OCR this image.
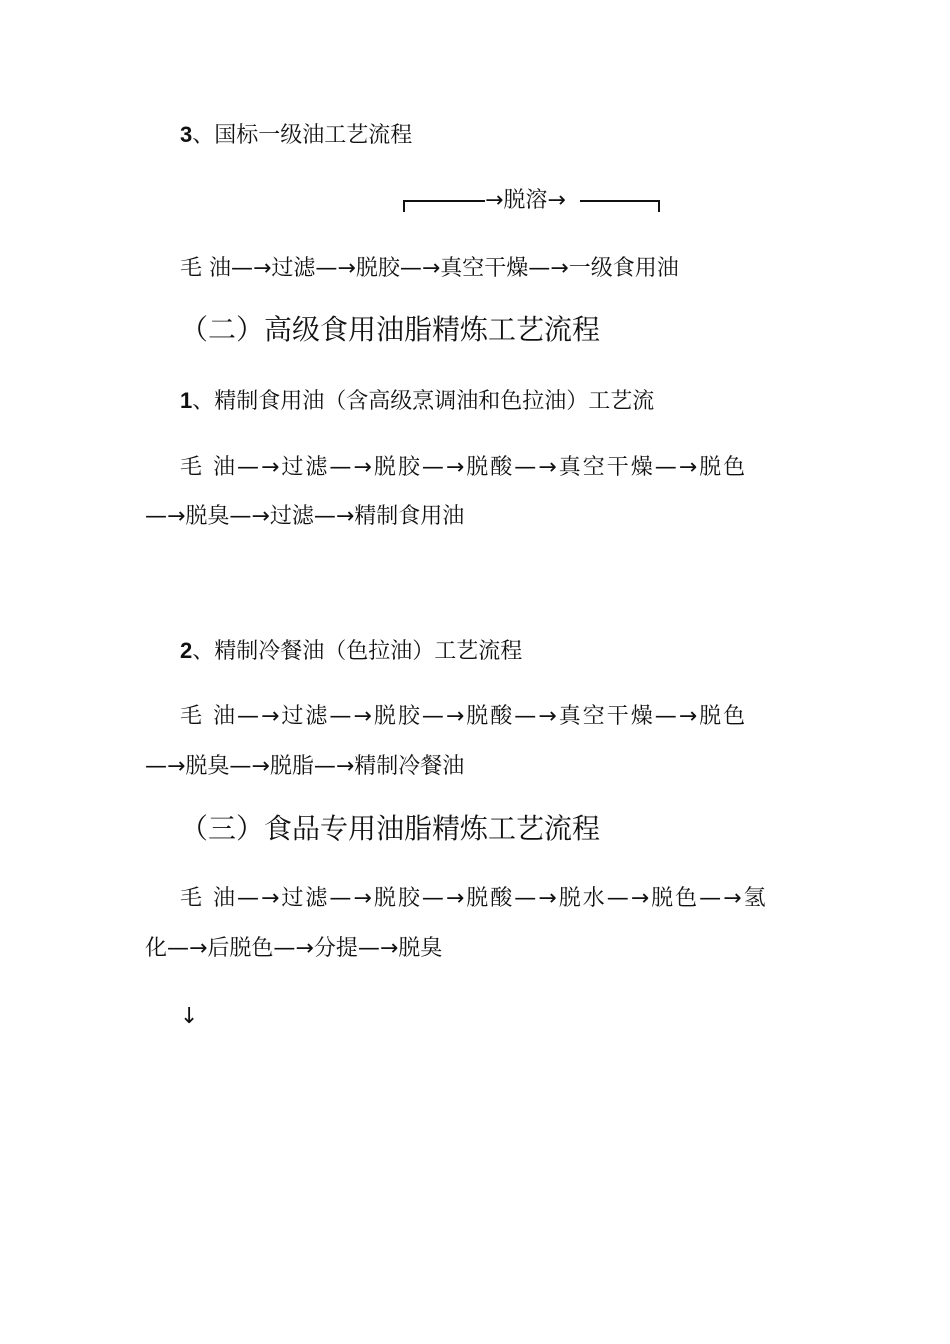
3、国标一级油工艺流程
→脱溶→
毛 油—→过滤—→脱胶—→真空干燥—→一级食用油
（二）高级食用油脂精炼工艺流程
1、精制食用油（含高级烹调油和色拉油）工艺流
毛 油—→过滤—→脱胶—→脱酸—→真空干燥—→脱色
—→脱臭—→过滤—→精制食用油
2、精制冷餐油（色拉油）工艺流程
毛 油—→过滤—→脱胶—→脱酸—→真空干燥—→脱色
—→脱臭—→脱脂—→精制冷餐油
（三）食品专用油脂精炼工艺流程
毛 油—→过滤—→脱胶—→脱酸—→脱水—→脱色—→氢
化—→后脱色—→分提—→脱臭
↓
